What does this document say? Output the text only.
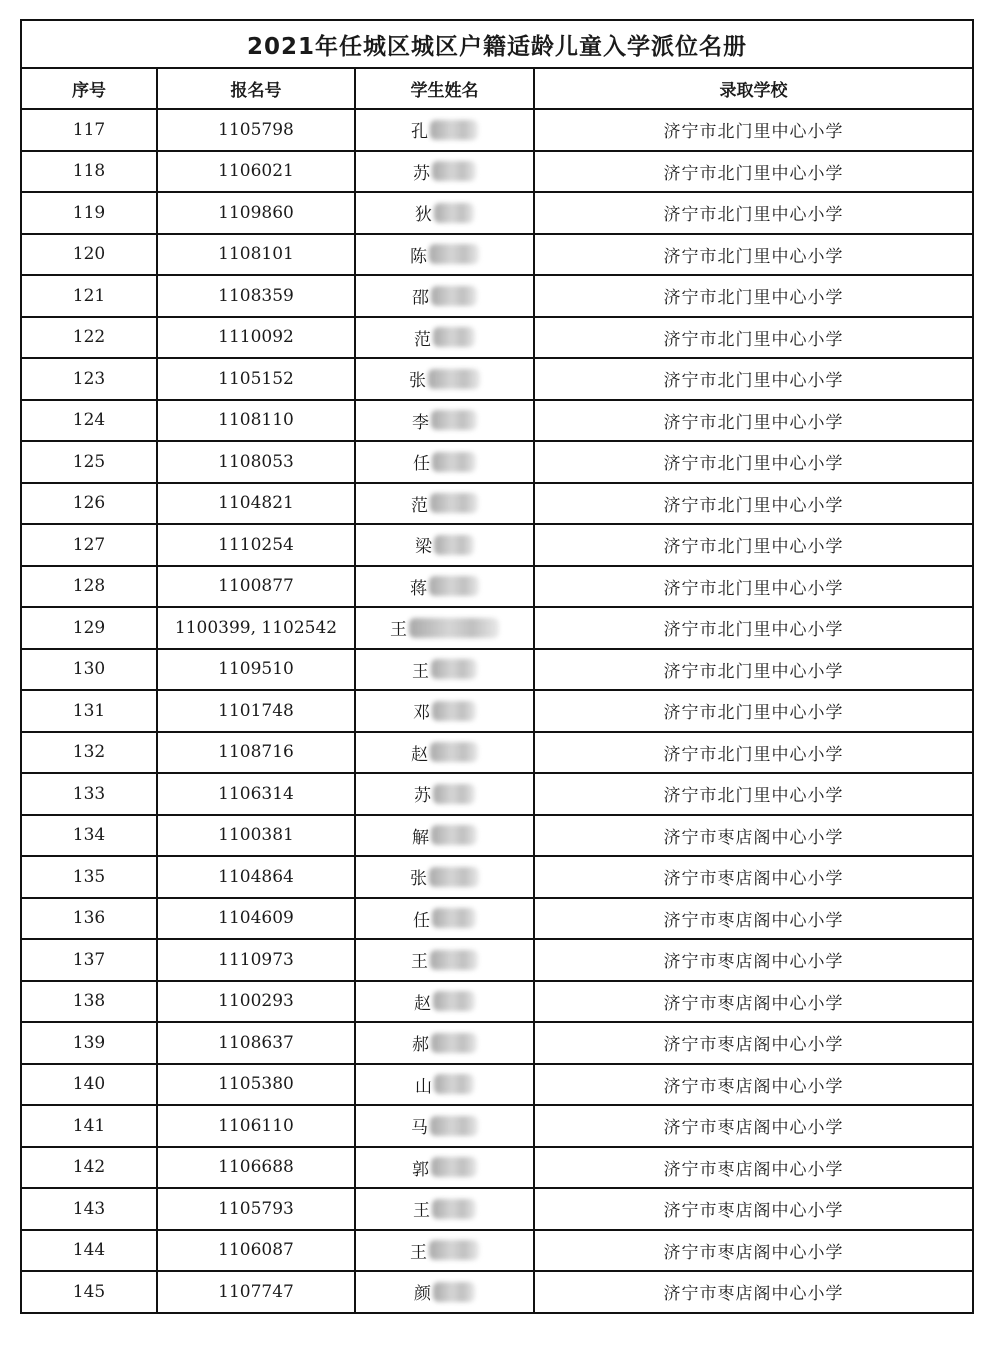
2021年任城区城区户籍适龄儿童入学派位名册			
序号	报名号	学生姓名	录取学校
117	1105798	孔	济宁市北门里中心小学
118	1106021	苏	济宁市北门里中心小学
119	1109860	狄	济宁市北门里中心小学
120	1108101	陈	济宁市北门里中心小学
121	1108359	邵	济宁市北门里中心小学
122	1110092	范	济宁市北门里中心小学
123	1105152	张	济宁市北门里中心小学
124	1108110	李	济宁市北门里中心小学
125	1108053	任	济宁市北门里中心小学
126	1104821	范	济宁市北门里中心小学
127	1110254	梁	济宁市北门里中心小学
128	1100877	蒋	济宁市北门里中心小学
129	1100399, 1102542	王	济宁市北门里中心小学
130	1109510	王	济宁市北门里中心小学
131	1101748	邓	济宁市北门里中心小学
132	1108716	赵	济宁市北门里中心小学
133	1106314	苏	济宁市北门里中心小学
134	1100381	解	济宁市枣店阁中心小学
135	1104864	张	济宁市枣店阁中心小学
136	1104609	任	济宁市枣店阁中心小学
137	1110973	王	济宁市枣店阁中心小学
138	1100293	赵	济宁市枣店阁中心小学
139	1108637	郝	济宁市枣店阁中心小学
140	1105380	山	济宁市枣店阁中心小学
141	1106110	马	济宁市枣店阁中心小学
142	1106688	郭	济宁市枣店阁中心小学
143	1105793	王	济宁市枣店阁中心小学
144	1106087	王	济宁市枣店阁中心小学
145	1107747	颜	济宁市枣店阁中心小学
